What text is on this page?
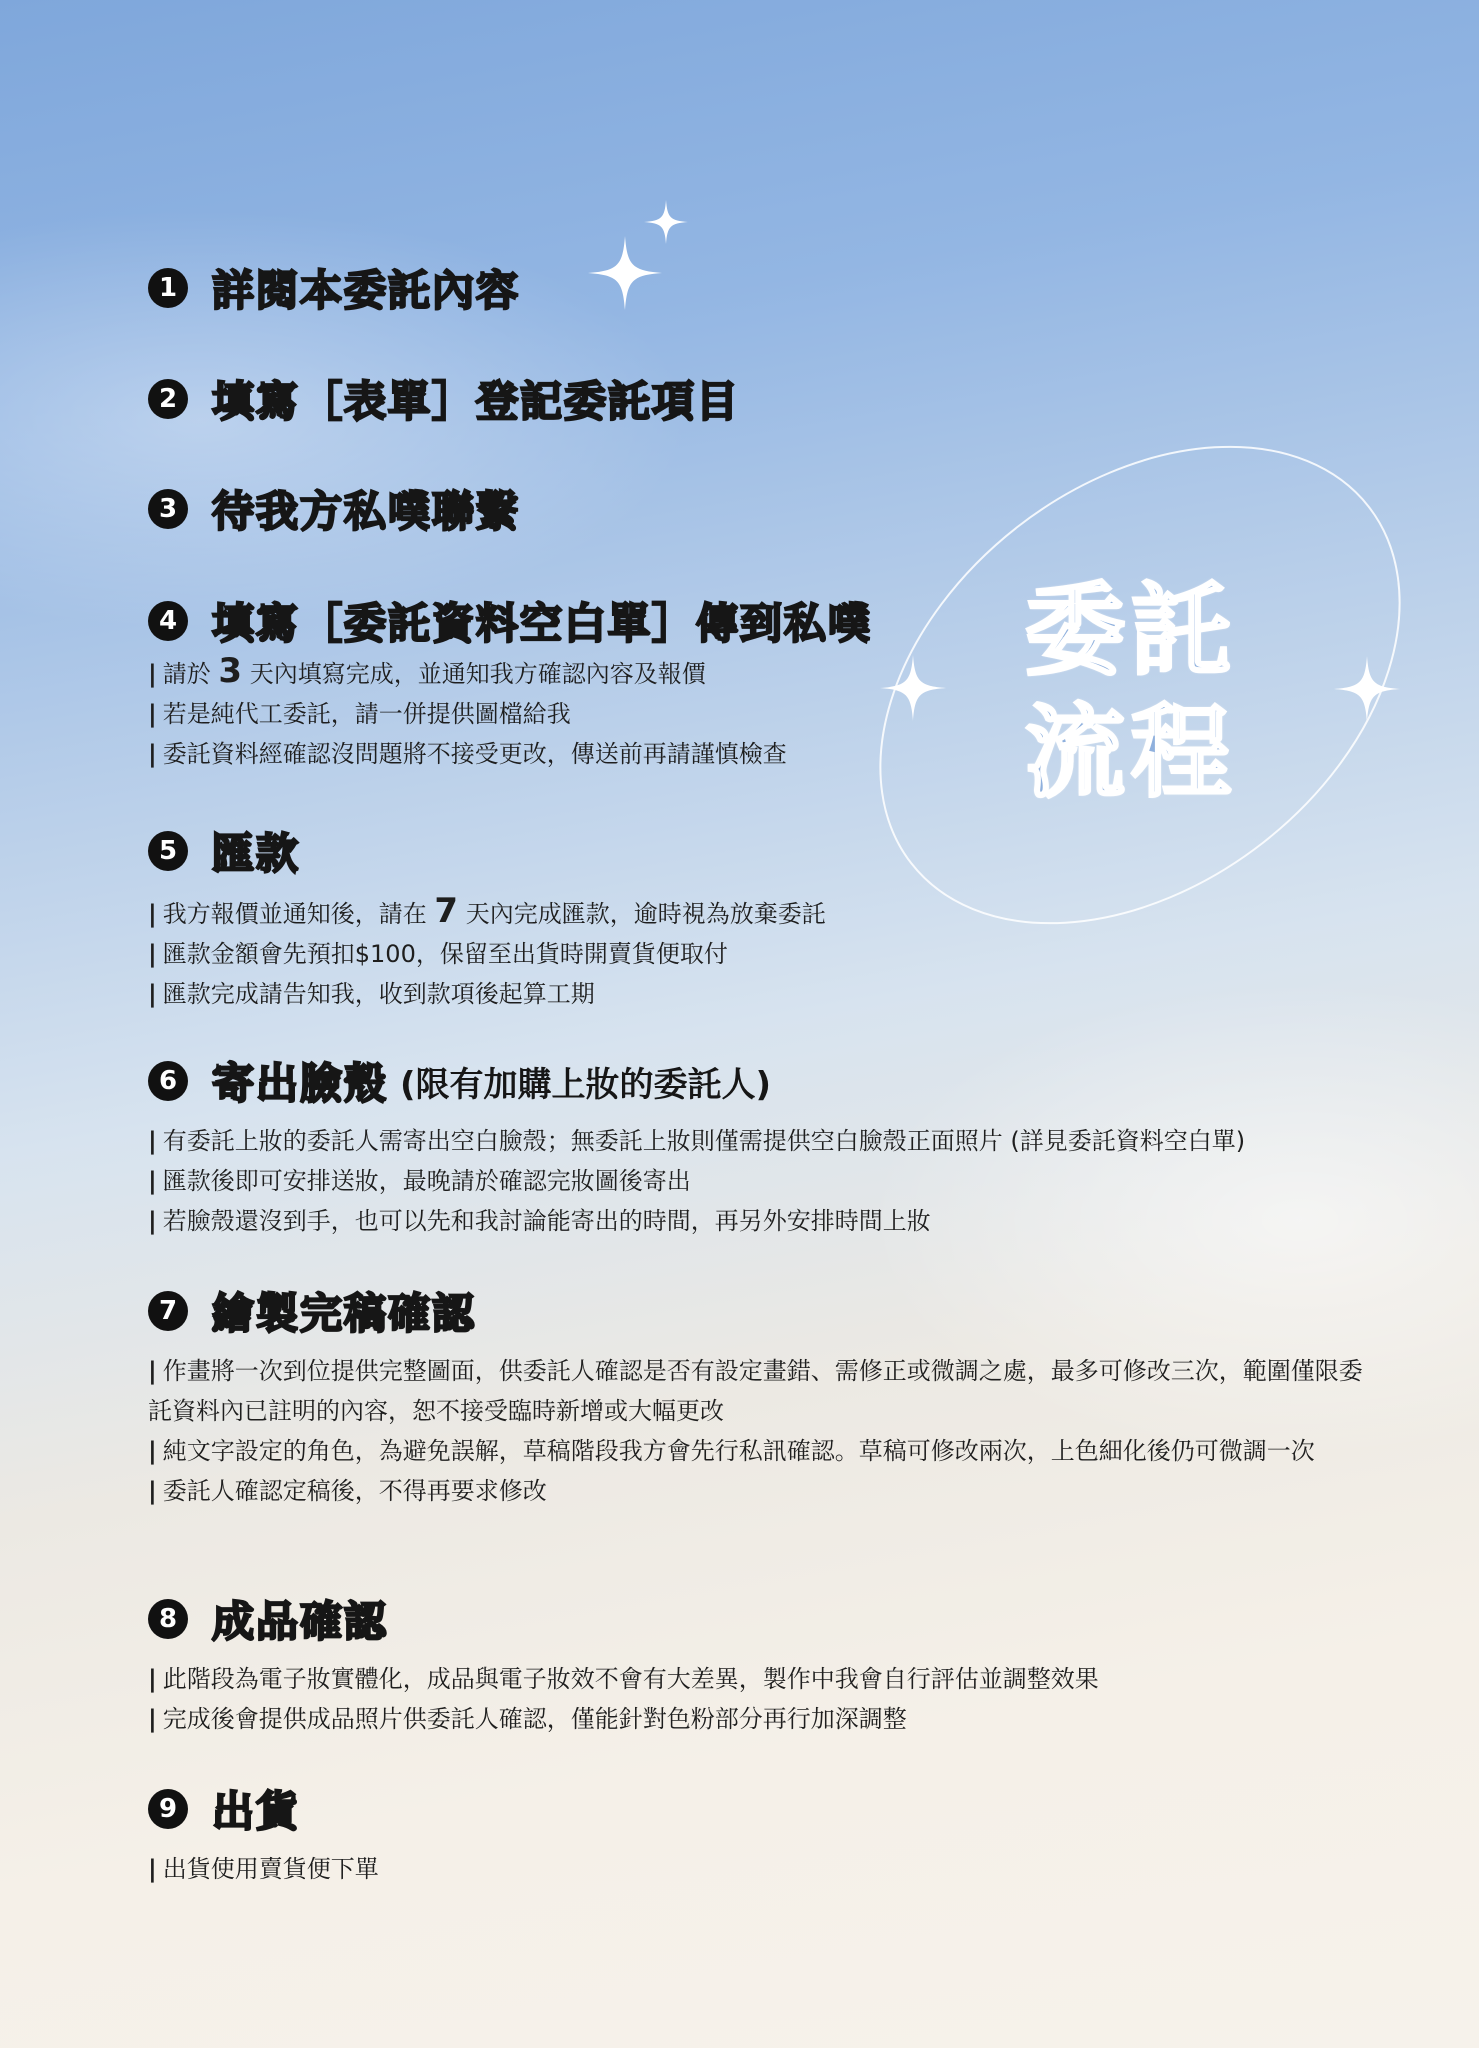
委託
流程
1 詳閱本委託內容
2 填寫［表單］登記委託項目
3 待我方私噗聯繫
4 填寫［委託資料空白單］傳到私噗
| 請於 3 天內填寫完成，並通知我方確認內容及報價
| 若是純代工委託，請一併提供圖檔給我
| 委託資料經確認沒問題將不接受更改，傳送前再請謹慎檢查
5 匯款
| 我方報價並通知後，請在 7 天內完成匯款，逾時視為放棄委託
| 匯款金額會先預扣$100，保留至出貨時開賣貨便取付
| 匯款完成請告知我，收到款項後起算工期
6 寄出臉殼 (限有加購上妝的委託人)
| 有委託上妝的委託人需寄出空白臉殼；無委託上妝則僅需提供空白臉殼正面照片 (詳見委託資料空白單)
| 匯款後即可安排送妝，最晚請於確認完妝圖後寄出
| 若臉殼還沒到手，也可以先和我討論能寄出的時間，再另外安排時間上妝
7 繪製完稿確認
| 作畫將一次到位提供完整圖面，供委託人確認是否有設定畫錯、需修正或微調之處，最多可修改三次，範圍僅限委託資料內已註明的內容，恕不接受臨時新增或大幅更改
| 純文字設定的角色，為避免誤解，草稿階段我方會先行私訊確認。草稿可修改兩次，上色細化後仍可微調一次
| 委託人確認定稿後，不得再要求修改
8 成品確認
| 此階段為電子妝實體化，成品與電子妝效不會有大差異，製作中我會自行評估並調整效果
| 完成後會提供成品照片供委託人確認，僅能針對色粉部分再行加深調整
9 出貨
| 出貨使用賣貨便下單
